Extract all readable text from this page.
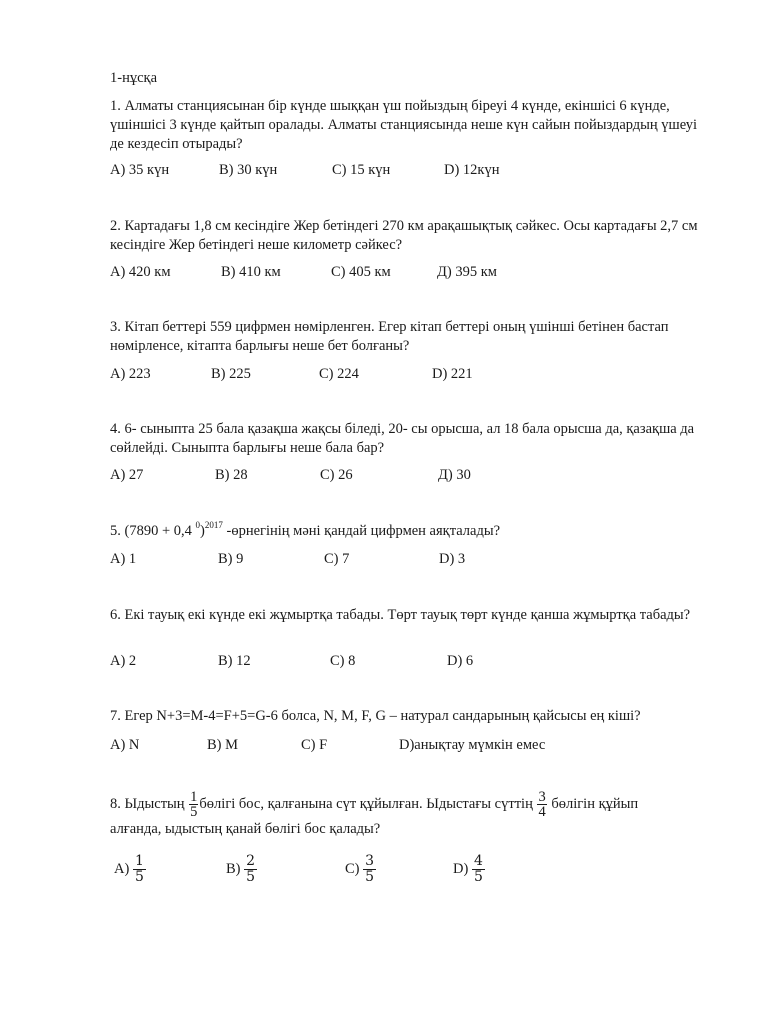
1-нұсқа

1. Алматы станциясынан бір күнде шыққан үш пойыздың біреуі 4 күнде, екіншісі 6 күнде, үшіншісі 3 күнде қайтып оралады. Алматы станциясында неше күн сайын пойыздардың үшеуі де кездесіп отырады?

A) 35 күн	B) 30 күн	C) 15 күн	D) 12күн

2. Картадағы 1,8 см кесіндіге Жер бетіндегі 270 км арақашықтық сәйкес. Осы картадағы 2,7 см кесіндіге Жер бетіндегі неше километр сәйкес?

A) 420 км	B) 410 км	C) 405 км	Д) 395 км

3. Кітап беттері 559 цифрмен нөмірленген. Егер кітап беттері оның үшінші бетінен бастап нөмірленсе, кітапта барлығы неше бет болғаны?

A) 223	B) 225	C) 224	D) 221

4. 6- сыныпта 25 бала қазақша жақсы біледі, 20- сы орысша, ал 18 бала орысша да, қазақша да сөйлейді. Сыныпта барлығы неше бала бар?

A) 27	B) 28	C) 26	Д) 30

5. (7890 + 0,4 $^0$)$^{2017}$ -өрнегінің мәні қандай цифрмен аяқталады?

A) 1	B) 9	C) 7	D) 3

6. Екі тауық екі күнде екі жұмыртқа табады. Төрт тауық төрт күнде қанша жұмыртқа табады?

A) 2	B) 12	C) 8	D) 6

7. Егер N+3=M-4=F+5=G-6 болса, N, M, F, G – натурал сандарының қайсысы ең кіші?

A) N	B) M	C) F	D)анықтау мүмкін емес
8. Ыдыстың $\frac{1}{5}$ бөлігі бос, қалғанына сүт құйылған. Ыдыстағы сүттің $\frac{3}{4}$ бөлігін құйып
алғанда, ыдыстың қанай бөлігі бос қалады?
$A) \frac{1}{5}$	$B) \frac{2}{5}$	$C) \frac{3}{5}$	$D) \frac{4}{5}$
